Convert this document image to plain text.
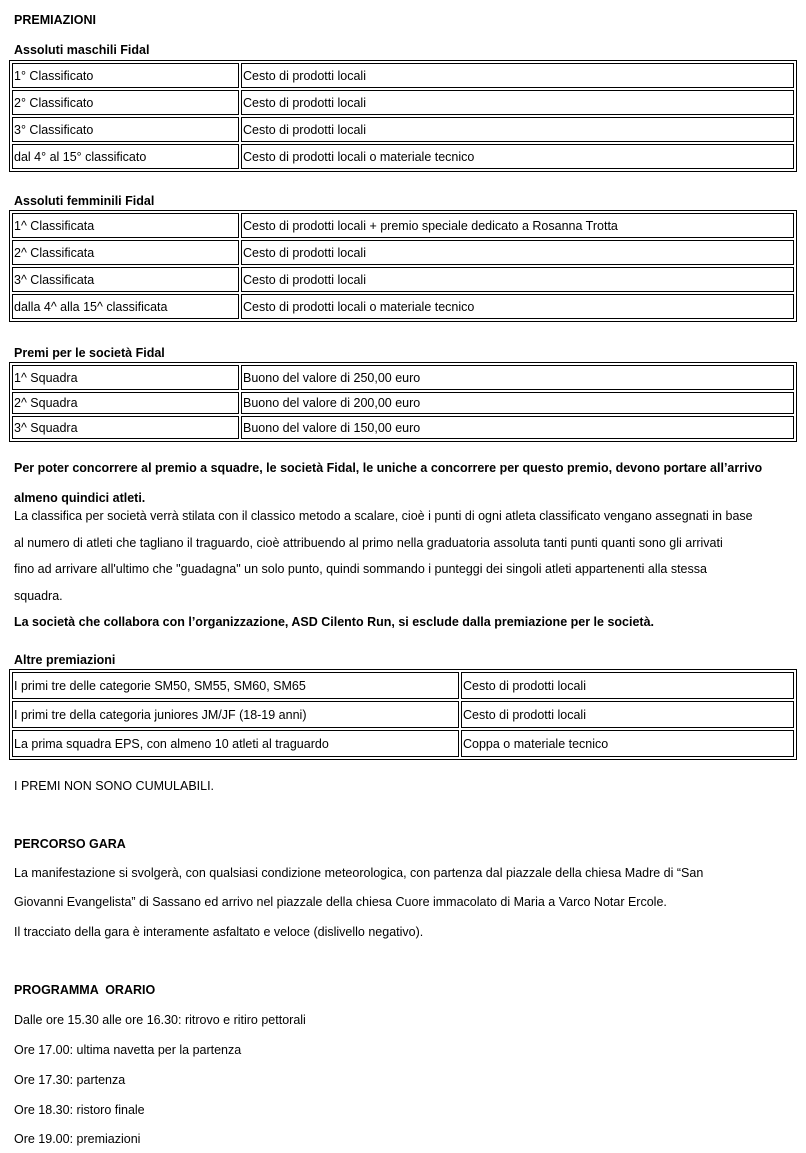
PREMIAZIONI
Assoluti maschili Fidal
1° Classificato	Cesto di prodotti locali
2° Classificato	Cesto di prodotti locali
3° Classificato	Cesto di prodotti locali
dal 4° al 15° classificato	Cesto di prodotti locali o materiale tecnico
Assoluti femminili Fidal
1^ Classificata	Cesto di prodotti locali + premio speciale dedicato a Rosanna Trotta
2^ Classificata	Cesto di prodotti locali
3^ Classificata	Cesto di prodotti locali
dalla 4^ alla 15^ classificata	Cesto di prodotti locali o materiale tecnico
Premi per le società Fidal
1^ Squadra	Buono del valore di 250,00 euro
2^ Squadra	Buono del valore di 200,00 euro
3^ Squadra	Buono del valore di 150,00 euro
Per poter concorrere al premio a squadre, le società Fidal, le uniche a concorrere per questo premio, devono portare all’arrivo
almeno quindici atleti.
La classifica per società verrà stilata con il classico metodo a scalare, cioè i punti di ogni atleta classificato vengano assegnati in base
al numero di atleti che tagliano il traguardo, cioè attribuendo al primo nella graduatoria assoluta tanti punti quanti sono gli arrivati
fino ad arrivare all'ultimo che "guadagna" un solo punto, quindi sommando i punteggi dei singoli atleti appartenenti alla stessa
squadra.
La società che collabora con l’organizzazione, ASD Cilento Run, si esclude dalla premiazione per le società.
Altre premiazioni
I primi tre delle categorie SM50, SM55, SM60, SM65	Cesto di prodotti locali
I primi tre della categoria juniores JM/JF (18-19 anni)	Cesto di prodotti locali
La prima squadra EPS, con almeno 10 atleti al traguardo	Coppa o materiale tecnico
I PREMI NON SONO CUMULABILI.
PERCORSO GARA
La manifestazione si svolgerà, con qualsiasi condizione meteorologica, con partenza dal piazzale della chiesa Madre di “San
Giovanni Evangelista” di Sassano ed arrivo nel piazzale della chiesa Cuore immacolato di Maria a Varco Notar Ercole.
Il tracciato della gara è interamente asfaltato e veloce (dislivello negativo).
PROGRAMMA  ORARIO
Dalle ore 15.30 alle ore 16.30: ritrovo e ritiro pettorali
Ore 17.00: ultima navetta per la partenza
Ore 17.30: partenza
Ore 18.30: ristoro finale
Ore 19.00: premiazioni
